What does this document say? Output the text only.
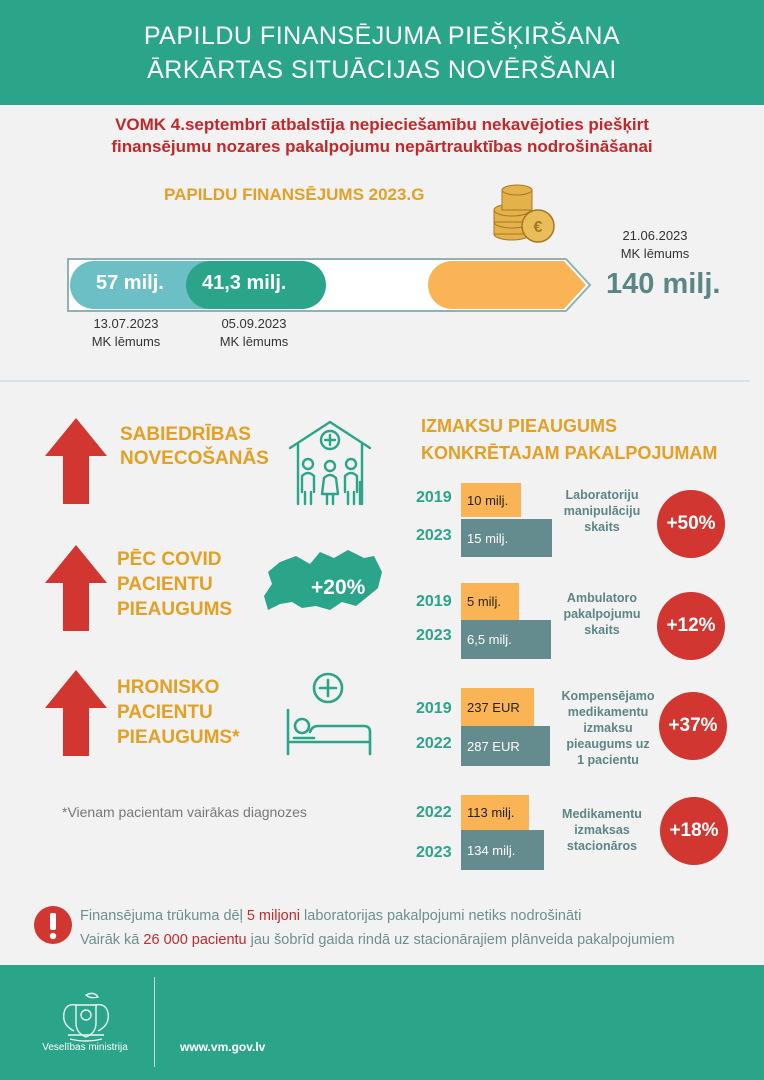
PAPILDU FINANSĒJUMA PIEŠĶIRŠANA
ĀRKĀRTAS SITUĀCIJAS NOVĒRŠANAI
VOMK 4.septembrī atbalstīja nepieciešamību nekavējoties piešķirt
finansējumu nozares pakalpojumu nepārtrauktības nodrošināšanai
PAPILDU FINANSĒJUMS 2023.G
€	21.06.2023
MK lēmums
57 milj. 41,3 milj.	140 milj.
13.07.2023
MK lēmums
05.09.2023
MK lēmums
SABIEDRĪBAS
NOVECOŠANĀS
PĒC COVID
PACIENTU
PIEAUGUMS
+20%
HRONISKO
PACIENTU
PIEAUGUMS*
*Vienam pacientam vairākas diagnozes
IZMAKSU PIEAUGUMS
KONKRĒTAJAM PAKALPOJUMAM
2019	10 milj.
2023	15 milj.
Laboratoriju
manipulāciju
skaits	+50%
2019	5 milj.
2023	6,5 milj.
Ambulatoro
pakalpojumu
skaits	+12%
2019	237 EUR
2022	287 EUR
Kompensējamo
medikamentu
izmaksu
pieaugums uz
1 pacientu
+37%
2022	113 milj.
2023	134 milj.
Medikamentu
izmaksas
stacionāros
+18%
Finansējuma trūkuma dēļ 5 miljoni laboratorijas pakalpojumi netiks nodrošināti
Vairāk kā 26 000 pacientu jau šobrīd gaida rindā uz stacionārajiem plānveida pakalpojumiem
Veselības ministrija	www.vm.gov.lv
